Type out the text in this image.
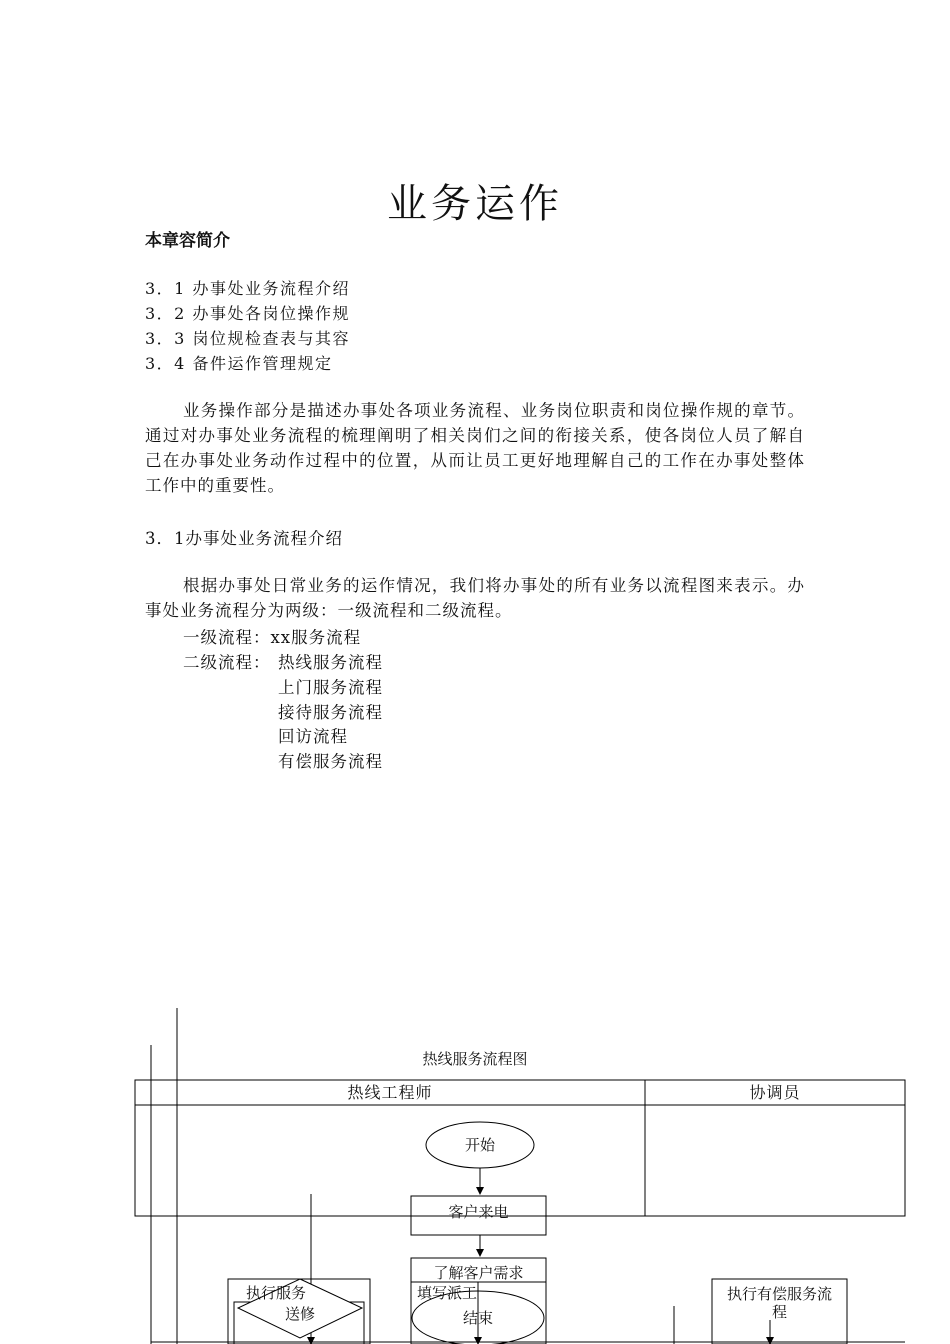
业务运作
本章容简介
3．1 办事处业务流程介绍
3．2 办事处各岗位操作规
3．3 岗位规检查表与其容
3．4 备件运作管理规定

业务操作部分是描述办事处各项业务流程、业务岗位职责和岗位操作规的章节。通过对办事处业务流程的梳理阐明了相关岗们之间的衔接关系，使各岗位人员了解自己在办事处业务动作过程中的位置，从而让员工更好地理解自己的工作在办事处整体工作中的重要性。

3．1办事处业务流程介绍

根据办事处日常业务的运作情况，我们将办事处的所有业务以流程图来表示。办事处业务流程分为两级：一级流程和二级流程。

一级流程：xx服务流程
二级流程： 热线服务流程
上门服务流程
接待服务流程
回访流程
有偿服务流程
热线服务流程图
热线工程师	协调员
开始
客户来电
了解客户需求
填写派工
执行服务
送修	结束
执行有偿服务流程
